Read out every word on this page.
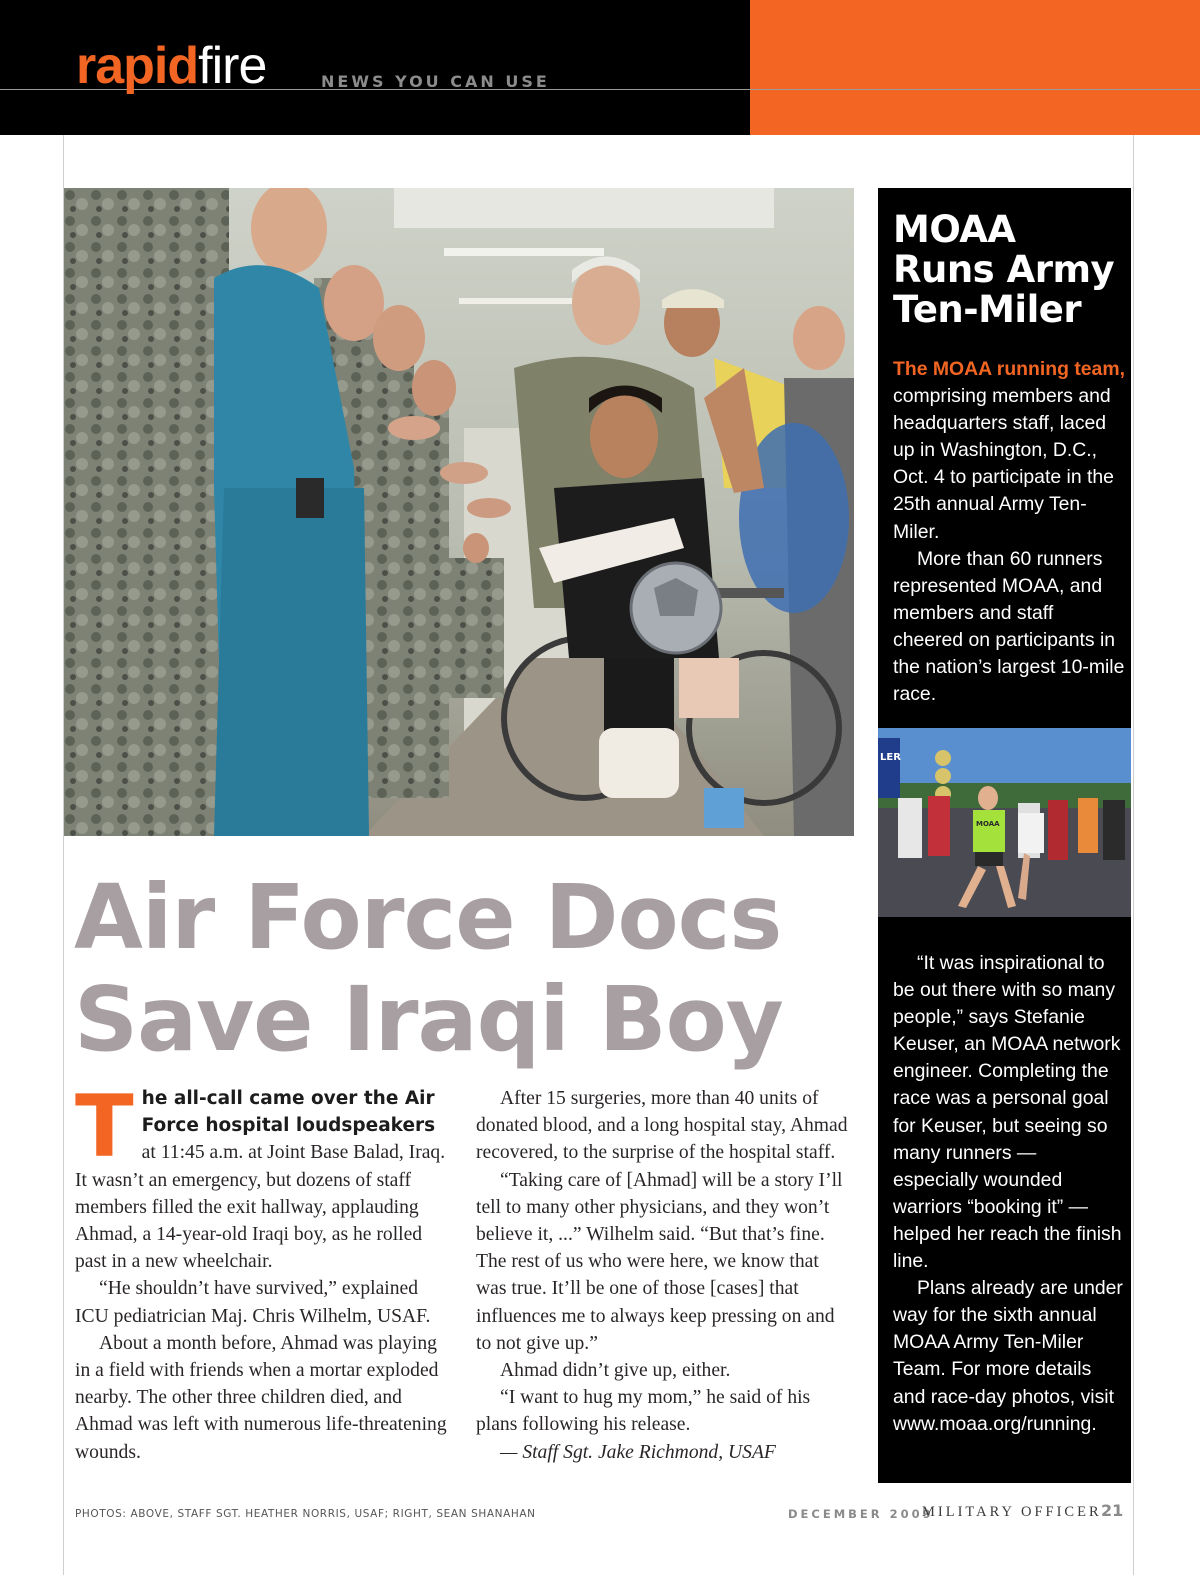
rapidfire	NEWS YOU CAN USE
Air Force Docs
Save Iraqi Boy

The all-call came over the Air Force hospital loudspeakers at 11:45 a.m. at Joint Base Balad, Iraq. It wasn’t an emergency, but dozens of staff members filled the exit hallway, applauding Ahmad, a 14-year-old Iraqi boy, as he rolled past in a new wheelchair.

“He shouldn’t have survived,” explained ICU pediatrician Maj. Chris Wilhelm, USAF.

About a month before, Ahmad was playing in a field with friends when a mortar exploded nearby. The other three children died, and Ahmad was left with numerous life-threatening wounds.

After 15 surgeries, more than 40 units of donated blood, and a long hospital stay, Ahmad recovered, to the surprise of the hospital staff.

“Taking care of [Ahmad] will be a story I’ll tell to many other physicians, and they won’t believe it, ...” Wilhelm said. “But that’s fine. The rest of us who were here, we know that was true. It’ll be one of those [cases] that influences me to always keep pressing on and to not give up.”

Ahmad didn’t give up, either.

“I want to hug my mom,” he said of his plans following his release.

— Staff Sgt. Jake Richmond, USAF

MOAA Runs Army Ten-Miler

The MOAA running team, comprising members and headquarters staff, laced up in Washington, D.C., Oct. 4 to participate in the 25th annual Army Ten-Miler.

More than 60 runners represented MOAA, and members and staff cheered on participants in the nation’s largest 10-mile race.

LER
MOAA

“It was inspirational to be out there with so many people,” says Stefanie Keuser, an MOAA network engineer. Completing the race was a personal goal for Keuser, but seeing so many runners — especially wounded warriors “booking it” — helped her reach the finish line.

Plans already are under way for the sixth annual MOAA Army Ten-Miler Team. For more details and race-day photos, visit www.moaa.org/running.

PHOTOS: ABOVE, STAFF SGT. HEATHER NORRIS, USAF; RIGHT, SEAN SHANAHAN	DECEMBER 2009
MILITARY OFFICER 21
